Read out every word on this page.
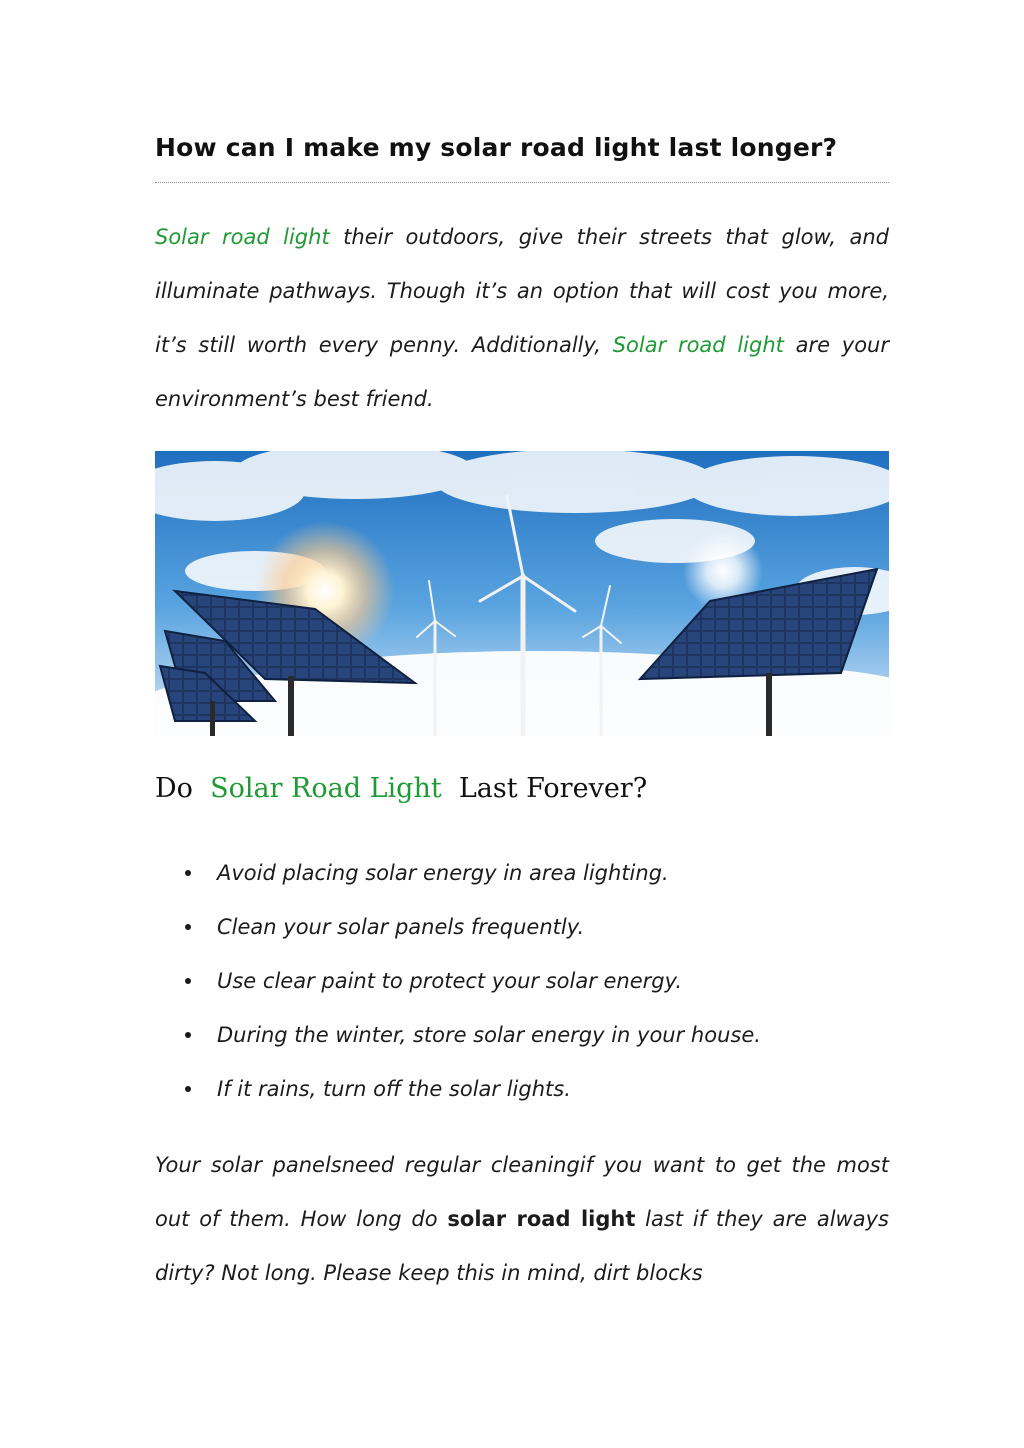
How can I make my solar road light last longer?

Solar road light their outdoors, give their streets that glow, and illuminate pathways. Though it’s an option that will cost you more, it’s still worth every penny. Additionally, Solar road light are your environment’s best friend.

Do  Solar Road Light  Last Forever?
Avoid placing solar energy in area lighting.
Clean your solar panels frequently.
Use clear paint to protect your solar energy.
During the winter, store solar energy in your house.
If it rains, turn off the solar lights.

Your solar panelsneed regular cleaningif you want to get the most out of them. How long do solar road light last if they are always dirty? Not long. Please keep this in mind, dirt blocks
